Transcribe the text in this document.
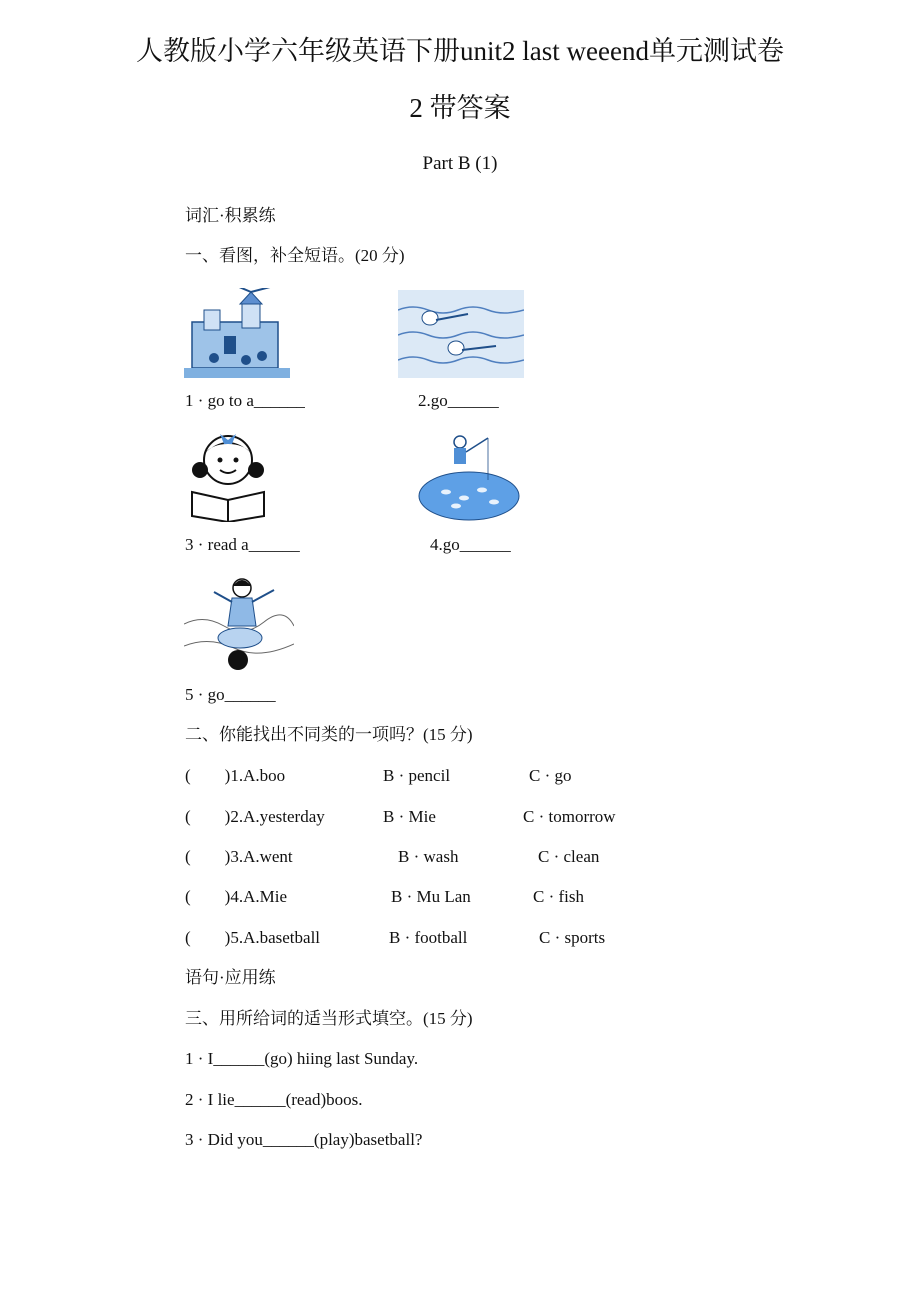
人教版小学六年级英语下册unit2 last weeend单元测试卷
2 带答案
Part B (1)
词汇·积累练
一、看图，补全短语。(20 分)
1 · go to a______	2.go______
3 · read a______	4.go______
5 · go______
二、你能找出不同类的一项吗？(15 分)
(        )1.A.boo	B · pencil	C · go
(        )2.A.yesterday	B · Mie	C · tomorrow
(        )3.A.went	B · wash	C · clean
(        )4.A.Mie	B · Mu Lan	C · fish
(        )5.A.basetball	B · football	C · sports
语句·应用练
三、用所给词的适当形式填空。(15 分)
1 · I______(go) hiing last Sunday.
2 · I lie______(read)boos.
3 · Did you______(play)basetball?
